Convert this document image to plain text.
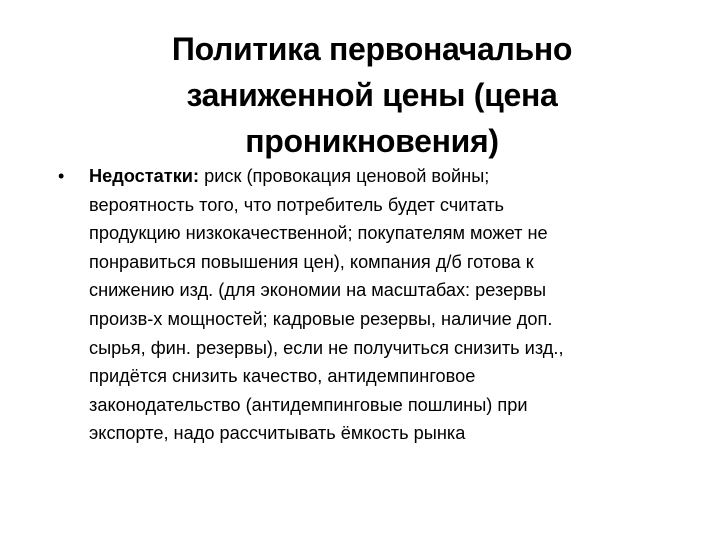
Политика первоначально
заниженной цены (цена
проникновения)
• Недостатки: риск (провокация ценовой войны;
вероятность того, что потребитель будет считать
продукцию низкокачественной; покупателям может не
понравиться повышения цен), компания д/б готова к
снижению изд. (для экономии на масштабах: резервы
произв-х мощностей; кадровые резервы, наличие доп.
сырья, фин. резервы), если не получиться снизить изд.,
придётся снизить качество, антидемпинговое
законодательство (антидемпинговые пошлины) при
экспорте, надо рассчитывать ёмкость рынка
